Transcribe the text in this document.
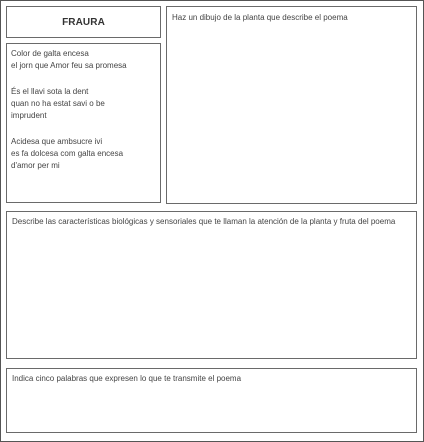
FRAURA
Color de galta encesa
el jorn que Amor feu sa promesa
És el llavi sota la dent
quan no ha estat savi o be
imprudent
Acidesa que ambsucre ivi
es fa dolcesa com galta encesa
d'amor per mi
Haz un dibujo de la planta que describe el poema
Describe las características biológicas y sensoriales que te llaman la atención de la planta y fruta del poema
Indica cinco palabras que expresen lo que te transmite el poema
